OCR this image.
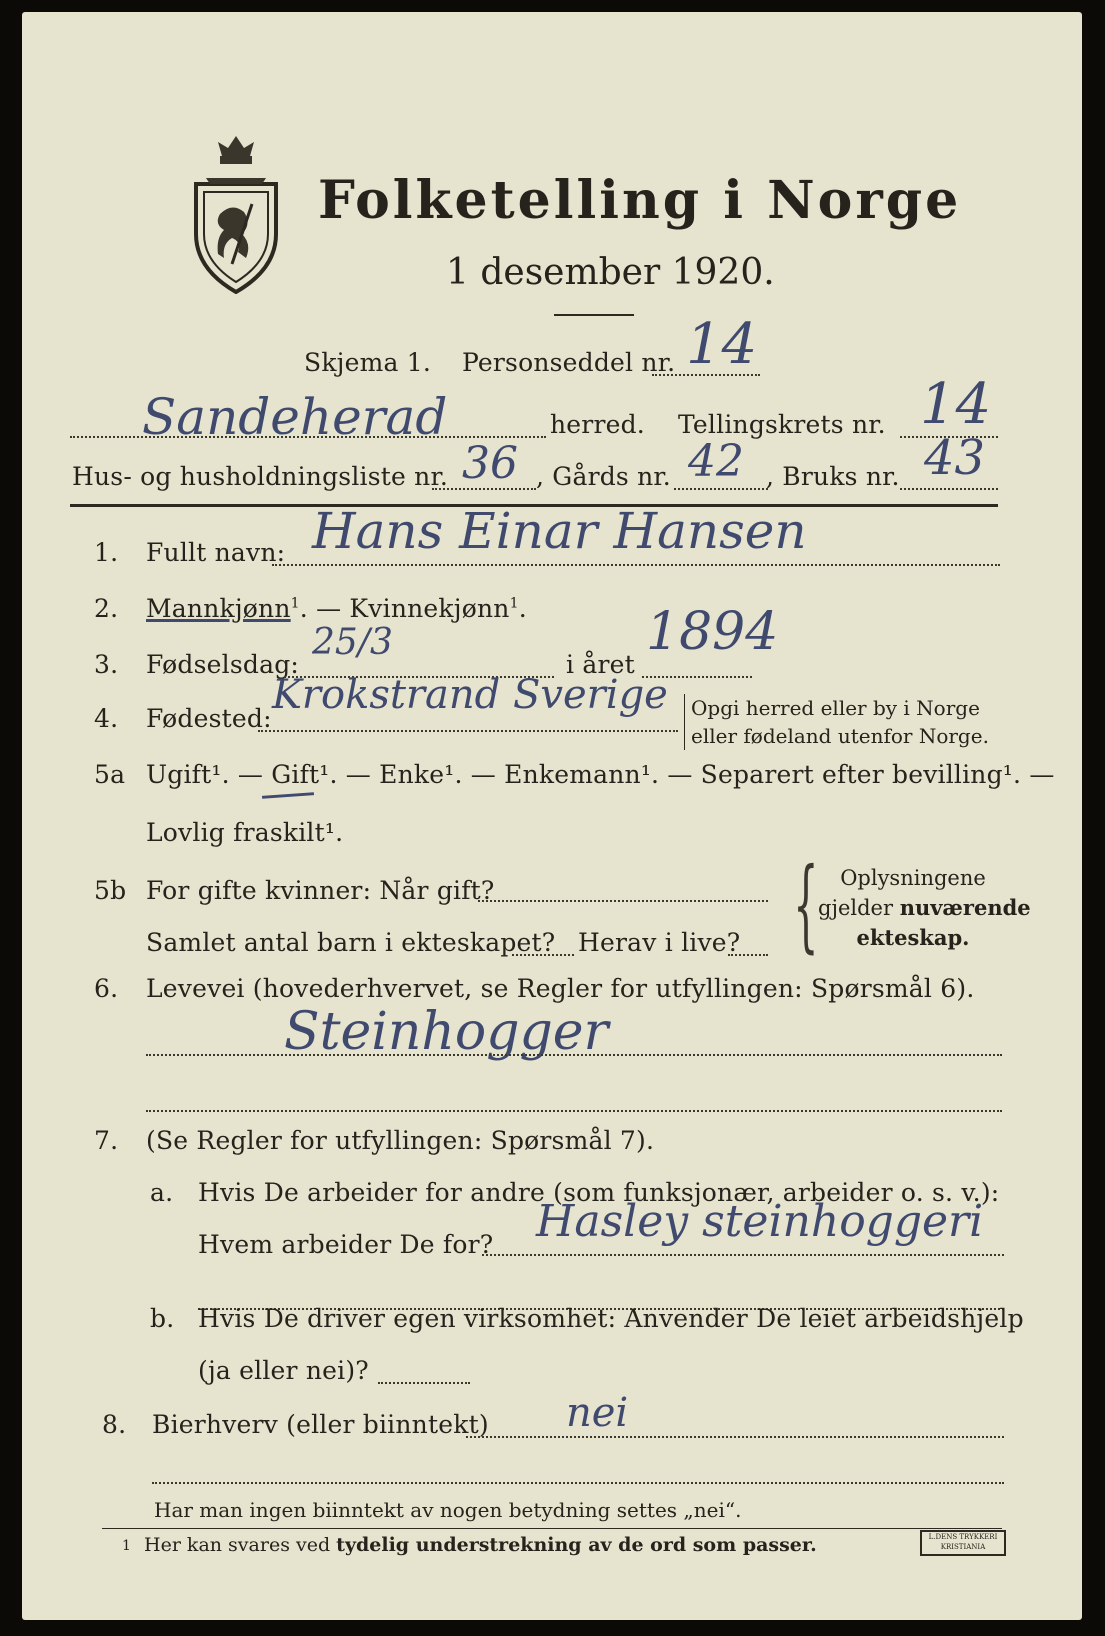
Folketelling i Norge
1 desember 1920.
Skjema 1. Personseddel nr. 14
Sandeherad	herred. Tellingskrets nr. 14
Hus- og husholdningsliste nr. 36 , Gårds nr. 42 , Bruks nr. 43
1. Fullt navn: Hans Einar Hansen
2. Mannkjønn$^1$. — Kvinnekjønn$^1$.
3. Fødselsdag:
25/3
i året
1894
4. Fødested:
Krokstrand Sverige	Opgi herred eller by i Norge
eller fødeland utenfor Norge.
5a Ugift¹. — Gift¹. — Enke¹. — Enkemann¹. — Separert efter bevilling¹. —
Lovlig fraskilt¹.
5b For gifte kvinner: Når gift?
Samlet antal barn i ekteskapet? Herav i live? {	Oplysningene
gjelder nuværende
ekteskap.
6. Levevei (hovederhvervet, se Regler for utfyllingen: Spørsmål 6).
Steinhogger
7. (Se Regler for utfyllingen: Spørsmål 7).
a. Hvis De arbeider for andre (som funksjonær, arbeider o. s. v.):
Hvem arbeider De for? Hasley steinhoggeri
b. Hvis De driver egen virksomhet: Anvender De leiet arbeidshjelp
(ja eller nei)?
8. Bierhverv (eller biinntekt) nei
Har man ingen biinntekt av nogen betydning settes „nei“.
1 Her kan svares ved tydelig understrekning av de ord som passer.	L.DENS TRYKKERI
KRISTIANIA
